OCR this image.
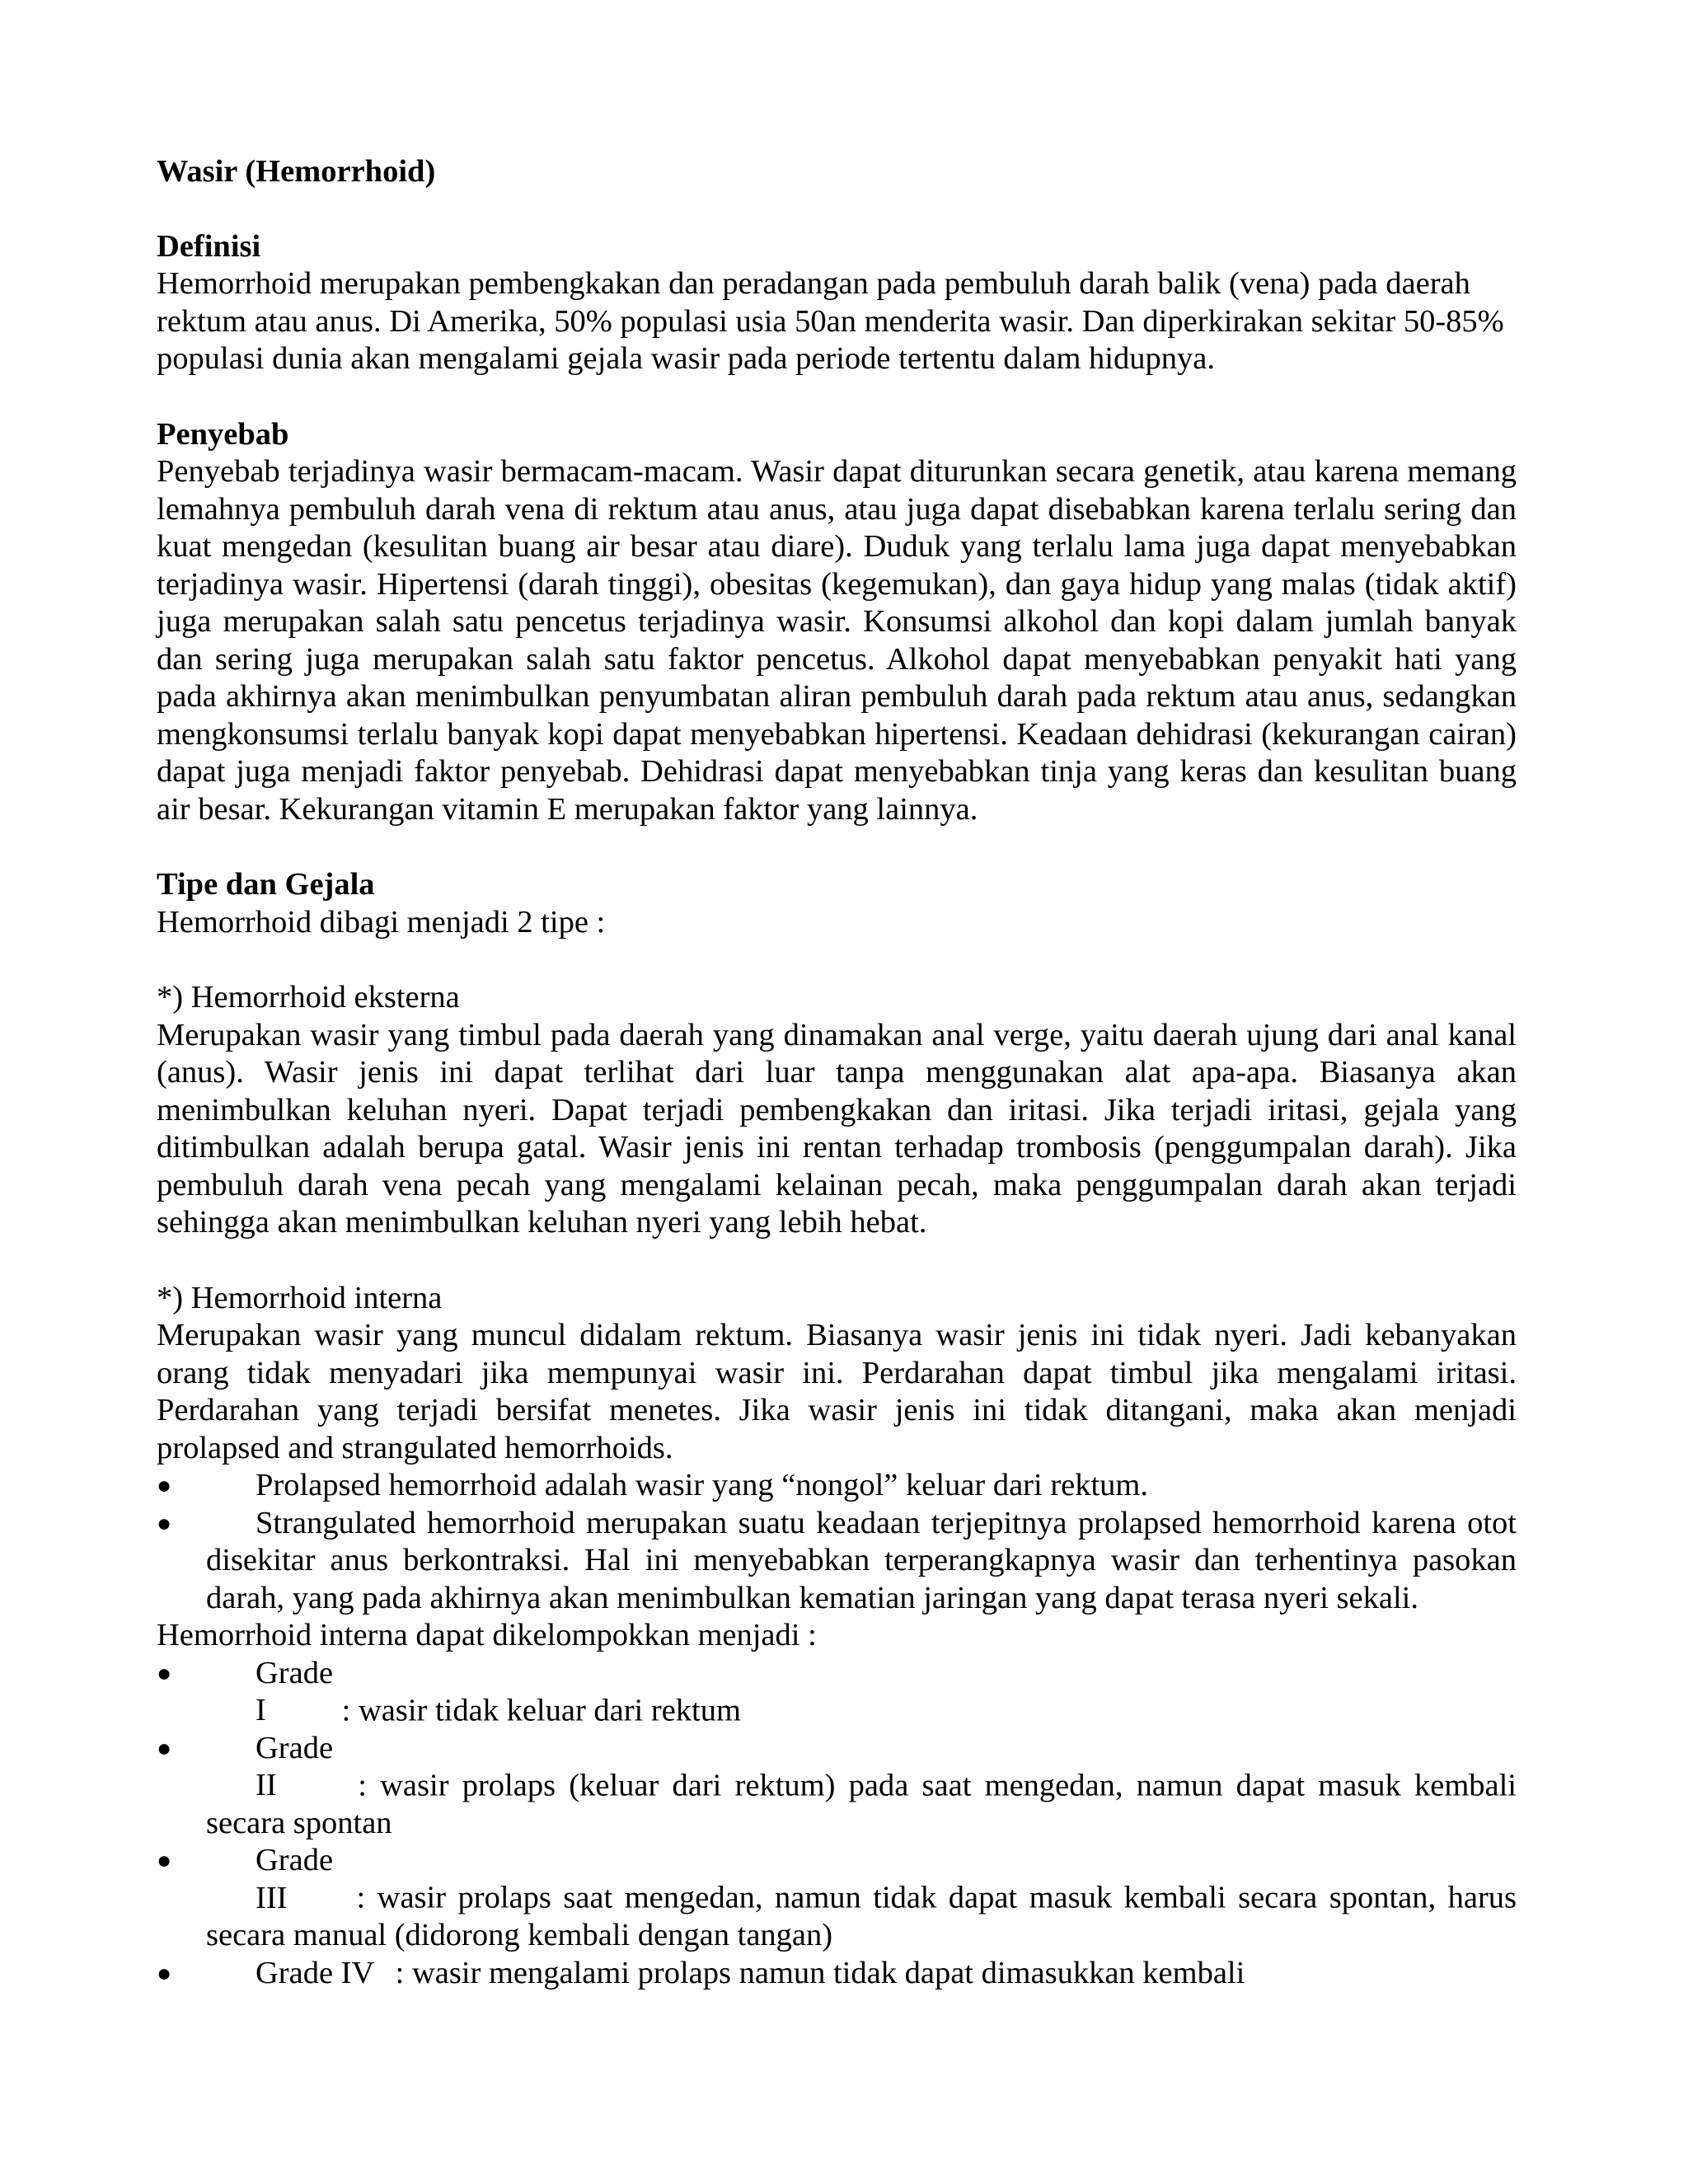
Wasir (Hemorrhoid)

Definisi

Hemorrhoid merupakan pembengkakan dan peradangan pada pembuluh darah balik (vena) pada daerah rektum atau anus. Di Amerika, 50% populasi usia 50an menderita wasir. Dan diperkirakan sekitar 50-85% populasi dunia akan mengalami gejala wasir pada periode tertentu dalam hidupnya.

Penyebab

Penyebab terjadinya wasir bermacam-macam. Wasir dapat diturunkan secara genetik, atau karena memang lemahnya pembuluh darah vena di rektum atau anus, atau juga dapat disebabkan karena terlalu sering dan kuat mengedan (kesulitan buang air besar atau diare). Duduk yang terlalu lama juga dapat menyebabkan terjadinya wasir. Hipertensi (darah tinggi), obesitas (kegemukan), dan gaya hidup yang malas (tidak aktif) juga merupakan salah satu pencetus terjadinya wasir. Konsumsi alkohol dan kopi dalam jumlah banyak dan sering juga merupakan salah satu faktor pencetus. Alkohol dapat menyebabkan penyakit hati yang pada akhirnya akan menimbulkan penyumbatan aliran pembuluh darah pada rektum atau anus, sedangkan mengkonsumsi terlalu banyak kopi dapat menyebabkan hipertensi. Keadaan dehidrasi (kekurangan cairan) dapat juga menjadi faktor penyebab. Dehidrasi dapat menyebabkan tinja yang keras dan kesulitan buang air besar. Kekurangan vitamin E merupakan faktor yang lainnya.

Tipe dan Gejala

Hemorrhoid dibagi menjadi 2 tipe :

*) Hemorrhoid eksterna

Merupakan wasir yang timbul pada daerah yang dinamakan anal verge, yaitu daerah ujung dari anal kanal (anus). Wasir jenis ini dapat terlihat dari luar tanpa menggunakan alat apa-apa. Biasanya akan menimbulkan keluhan nyeri. Dapat terjadi pembengkakan dan iritasi. Jika terjadi iritasi, gejala yang ditimbulkan adalah berupa gatal. Wasir jenis ini rentan terhadap trombosis (penggumpalan darah). Jika pembuluh darah vena pecah yang mengalami kelainan pecah, maka penggumpalan darah akan terjadi sehingga akan menimbulkan keluhan nyeri yang lebih hebat.

*) Hemorrhoid interna

Merupakan wasir yang muncul didalam rektum. Biasanya wasir jenis ini tidak nyeri. Jadi kebanyakan orang tidak menyadari jika mempunyai wasir ini. Perdarahan dapat timbul jika mengalami iritasi. Perdarahan yang terjadi bersifat menetes. Jika wasir jenis ini tidak ditangani, maka akan menjadi prolapsed and strangulated hemorrhoids.

●	Prolapsed hemorrhoid adalah wasir yang “nongol” keluar dari rektum.
●	Strangulated hemorrhoid merupakan suatu keadaan terjepitnya prolapsed hemorrhoid karena otot disekitar anus berkontraksi. Hal ini menyebabkan terperangkapnya wasir dan terhentinya pasokan darah, yang pada akhirnya akan menimbulkan kematian jaringan yang dapat terasa nyeri sekali.

Hemorrhoid interna dapat dikelompokkan menjadi :

●	Grade I : wasir tidak keluar dari rektum
●	Grade II	: wasir prolaps (keluar dari rektum) pada saat mengedan, namun dapat masuk kembali secara spontan
●	Grade III : wasir prolaps saat mengedan, namun tidak dapat masuk kembali secara spontan, harus secara manual (didorong kembali dengan tangan)
●	Grade IV : wasir mengalami prolaps namun tidak dapat dimasukkan kembali
